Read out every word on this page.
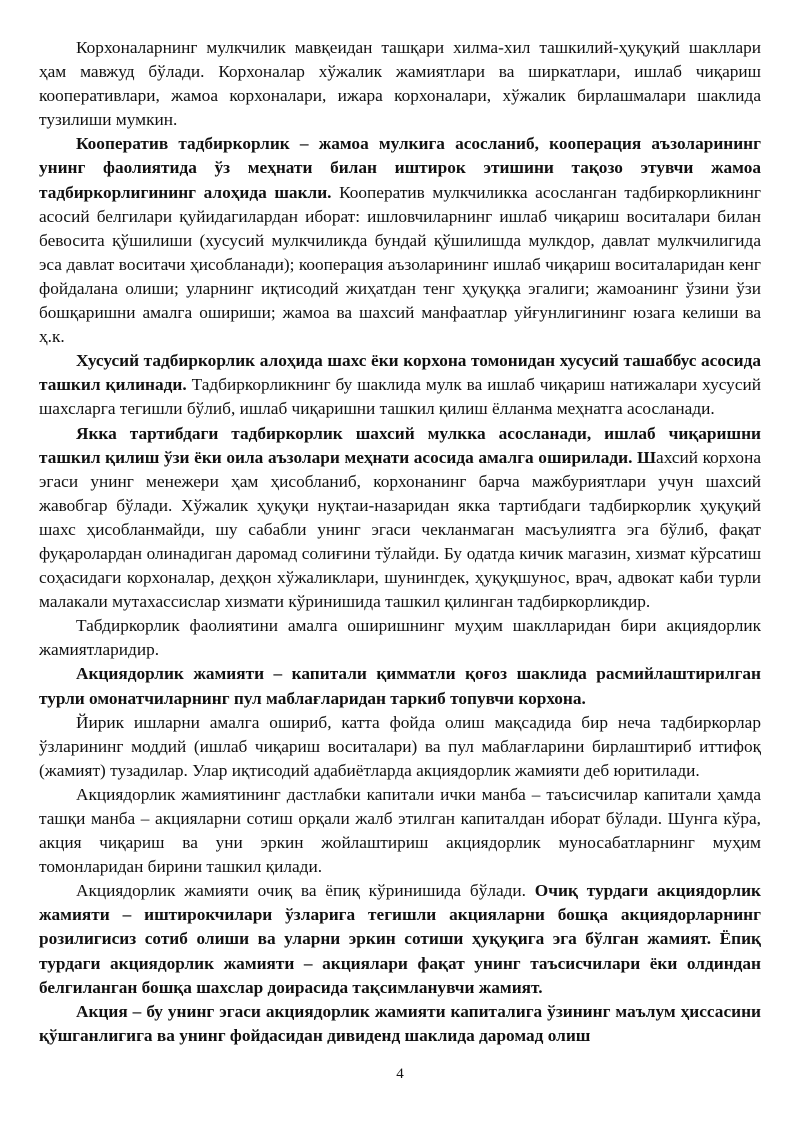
Корхоналарнинг мулкчилик мавқеидан ташқари хилма-хил ташкилий-ҳуқуқий шакллари ҳам мавжуд бўлади. Корхоналар хўжалик жамиятлари ва ширкатлари, ишлаб чиқариш кооперативлари, жамоа корхоналари, ижара корхоналари, хўжалик бирлашмалари шаклида тузилиши мумкин.

Кооператив тадбиркорлик – жамоа мулкига асосланиб, кооперация аъзоларининг унинг фаолиятида ўз меҳнати билан иштирок этишини тақозо этувчи жамоа тадбиркорлигининг алоҳида шакли. Кооператив мулкчиликка асосланган тадбиркорликнинг асосий белгилари қуйидагилардан иборат: ишловчиларнинг ишлаб чиқариш воситалари билан бевосита қўшилиши (хусусий мулкчиликда бундай қўшилишда мулкдор, давлат мулкчилигида эса давлат воситачи ҳисобланади); кооперация аъзоларининг ишлаб чиқариш воситаларидан кенг фойдалана олиши; уларнинг иқтисодий жиҳатдан тенг ҳуқуққа эгалиги; жамоанинг ўзини ўзи бошқаришни амалга ошириши; жамоа ва шахсий манфаатлар уйғунлигининг юзага келиши ва ҳ.к.

Хусусий тадбиркорлик алоҳида шахс ёки корхона томонидан хусусий ташаббус асосида ташкил қилинади. Тадбиркорликнинг бу шаклида мулк ва ишлаб чиқариш натижалари хусусий шахсларга тегишли бўлиб, ишлаб чиқаришни ташкил қилиш ёлланма меҳнатга асосланади.

Якка тартибдаги тадбиркорлик шахсий мулкка асосланади, ишлаб чиқаришни ташкил қилиш ўзи ёки оила аъзолари меҳнати асосида амалга оширилади. Шахсий корхона эгаси унинг менежери ҳам ҳисобланиб, корхонанинг барча мажбуриятлари учун шахсий жавобгар бўлади. Хўжалик ҳуқуқи нуқтаи-назаридан якка тартибдаги тадбиркорлик ҳуқуқий шахс ҳисобланмайди, шу сабабли унинг эгаси чекланмаган масъулиятга эга бўлиб, фақат фуқаролардан олинадиган даромад солиғини тўлайди. Бу одатда кичик магазин, хизмат кўрсатиш соҳасидаги корхоналар, деҳқон хўжаликлари, шунингдек, ҳуқуқшунос, врач, адвокат каби турли малакали мутахассислар хизмати кўринишида ташкил қилинган тадбиркорликдир.

Табдиркорлик фаолиятини амалга оширишнинг муҳим шаклларидан бири акциядорлик жамиятларидир.

Акциядорлик жамияти – капитали қимматли қоғоз шаклида расмийлаштирилган турли омонатчиларнинг пул маблағларидан таркиб топувчи корхона.

Йирик ишларни амалга ошириб, катта фойда олиш мақсадида бир неча тадбиркорлар ўзларининг моддий (ишлаб чиқариш воситалари) ва пул маблағларини бирлаштириб иттифоқ (жамият) тузадилар. Улар иқтисодий адабиётларда акциядорлик жамияти деб юритилади.

Акциядорлик жамиятининг дастлабки капитали ички манба – таъсисчилар капитали ҳамда ташқи манба – акцияларни сотиш орқали жалб этилган капиталдан иборат бўлади. Шунга кўра, акция чиқариш ва уни эркин жойлаштириш акциядорлик муносабатларнинг муҳим томонларидан бирини ташкил қилади.

Акциядорлик жамияти очиқ ва ёпиқ кўринишида бўлади. Очиқ турдаги акциядорлик жамияти – иштирокчилари ўзларига тегишли акцияларни бошқа акциядорларнинг розилигисиз сотиб олиши ва уларни эркин сотиши ҳуқуқига эга бўлган жамият. Ёпиқ турдаги акциядорлик жамияти – акциялари фақат унинг таъсисчилари ёки олдиндан белгиланган бошқа шахслар доирасида тақсимланувчи жамият.

Акция – бу унинг эгаси акциядорлик жамияти капиталига ўзининг маълум ҳиссасини қўшганлигига ва унинг фойдасидан дивиденд шаклида даромад олиш

4
